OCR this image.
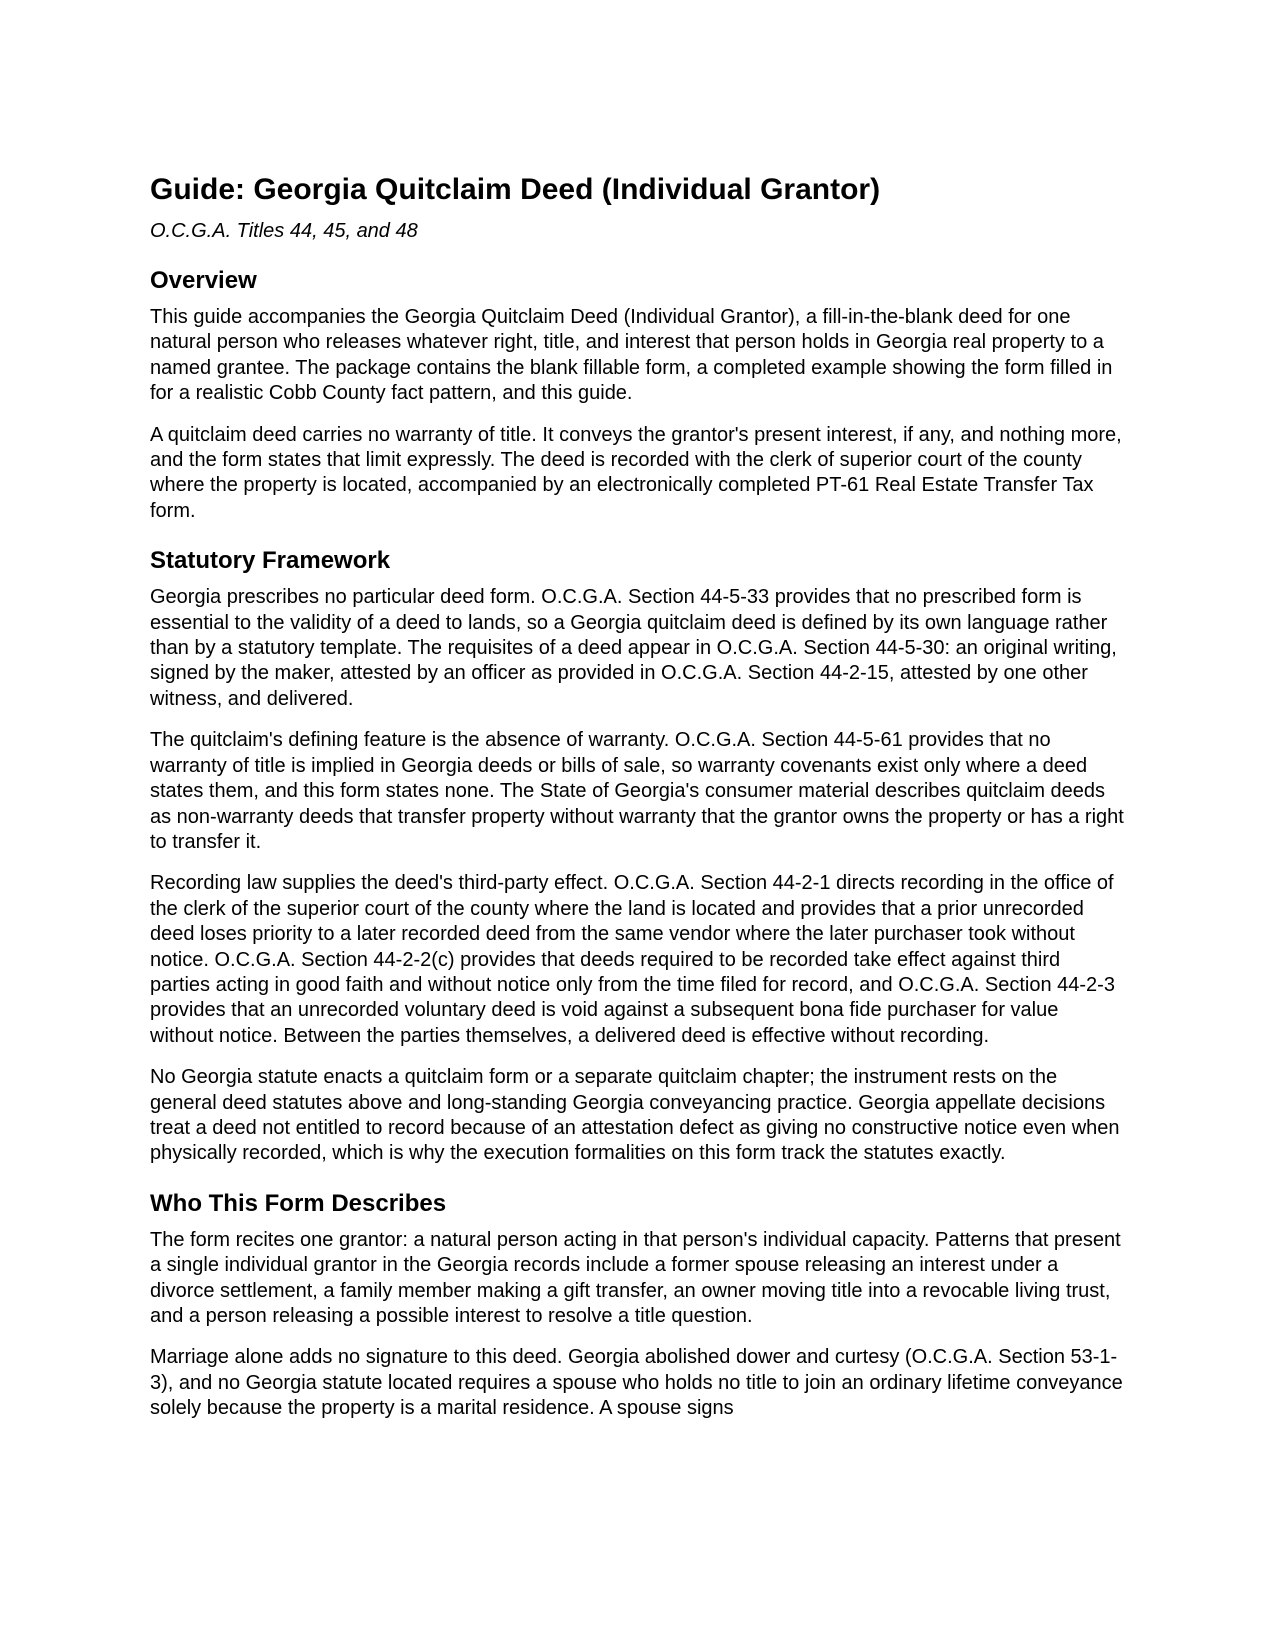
Guide: Georgia Quitclaim Deed (Individual Grantor)
O.C.G.A. Titles 44, 45, and 48
Overview

This guide accompanies the Georgia Quitclaim Deed (Individual Grantor), a fill-in-the-blank deed for one natural person who releases whatever right, title, and interest that person holds in Georgia real property to a named grantee. The package contains the blank fillable form, a completed example showing the form filled in for a realistic Cobb County fact pattern, and this guide.

A quitclaim deed carries no warranty of title. It conveys the grantor's present interest, if any, and nothing more, and the form states that limit expressly. The deed is recorded with the clerk of superior court of the county where the property is located, accompanied by an electronically completed PT-61 Real Estate Transfer Tax form.

Statutory Framework

Georgia prescribes no particular deed form. O.C.G.A. Section 44-5-33 provides that no prescribed form is essential to the validity of a deed to lands, so a Georgia quitclaim deed is defined by its own language rather than by a statutory template. The requisites of a deed appear in O.C.G.A. Section 44-5-30: an original writing, signed by the maker, attested by an officer as provided in O.C.G.A. Section 44-2-15, attested by one other witness, and delivered.

The quitclaim's defining feature is the absence of warranty. O.C.G.A. Section 44-5-61 provides that no warranty of title is implied in Georgia deeds or bills of sale, so warranty covenants exist only where a deed states them, and this form states none. The State of Georgia's consumer material describes quitclaim deeds as non-warranty deeds that transfer property without warranty that the grantor owns the property or has a right to transfer it.

Recording law supplies the deed's third-party effect. O.C.G.A. Section 44-2-1 directs recording in the office of the clerk of the superior court of the county where the land is located and provides that a prior unrecorded deed loses priority to a later recorded deed from the same vendor where the later purchaser took without notice. O.C.G.A. Section 44-2-2(c) provides that deeds required to be recorded take effect against third parties acting in good faith and without notice only from the time filed for record, and O.C.G.A. Section 44-2-3 provides that an unrecorded voluntary deed is void against a subsequent bona fide purchaser for value without notice. Between the parties themselves, a delivered deed is effective without recording.

No Georgia statute enacts a quitclaim form or a separate quitclaim chapter; the instrument rests on the general deed statutes above and long-standing Georgia conveyancing practice. Georgia appellate decisions treat a deed not entitled to record because of an attestation defect as giving no constructive notice even when physically recorded, which is why the execution formalities on this form track the statutes exactly.

Who This Form Describes

The form recites one grantor: a natural person acting in that person's individual capacity. Patterns that present a single individual grantor in the Georgia records include a former spouse releasing an interest under a divorce settlement, a family member making a gift transfer, an owner moving title into a revocable living trust, and a person releasing a possible interest to resolve a title question.

Marriage alone adds no signature to this deed. Georgia abolished dower and curtesy (O.C.G.A. Section 53-1-3), and no Georgia statute located requires a spouse who holds no title to join an ordinary lifetime conveyance solely because the property is a marital residence. A spouse signs
